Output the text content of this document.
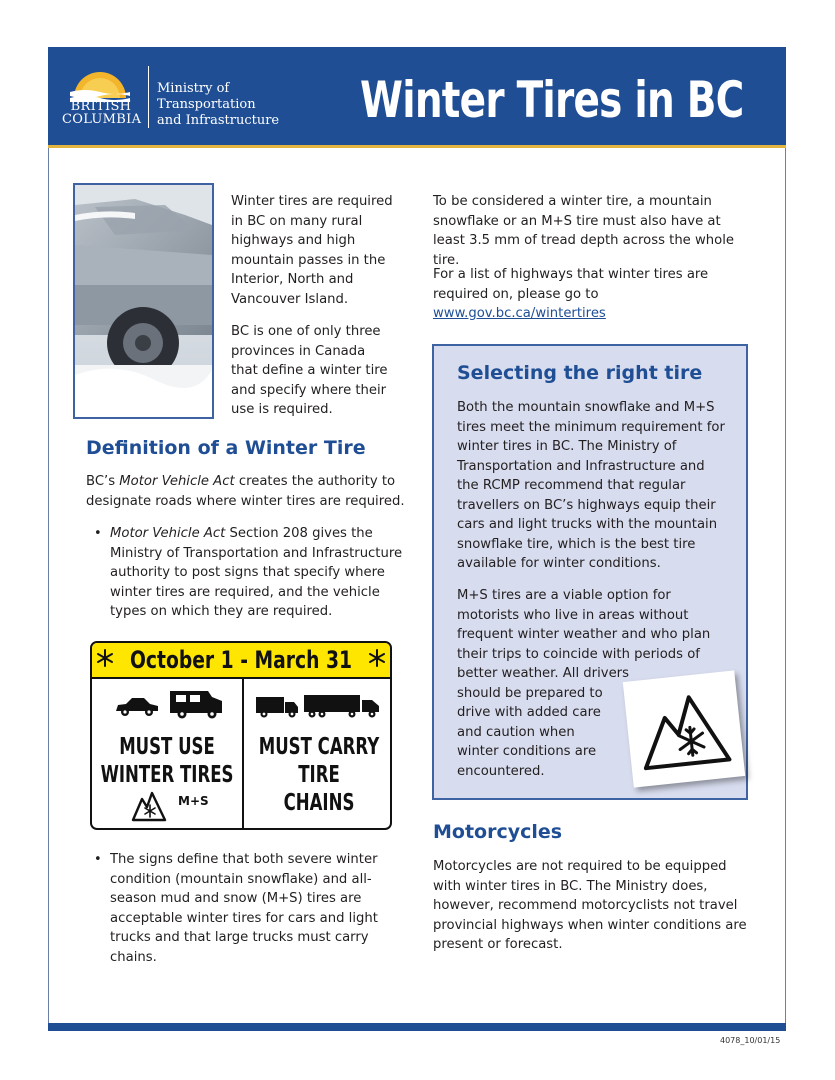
BRITISH
COLUMBIA
Ministry of
Transportation
and Infrastructure Winter Tires in BC

Winter tires are required in BC on many rural highways and high mountain passes in the Interior, North and Vancouver Island.

BC is one of only three provinces in Canada that define a winter tire and specify where their use is required.

Definition of a Winter Tire

BC’s Motor Vehicle Act creates the authority to designate roads where winter tires are required.

• Motor Vehicle Act Section 208 gives the Ministry of Transportation and Infrastructure authority to post signs that specify where winter tires are required, and the vehicle types on which they are required.
October 1 - March 31
MUST USE
WINTER TIRES
MUST CARRY
TIRE
CHAINS
M+S
• The signs define that both severe winter condition (mountain snowflake) and all-season mud and snow (M+S) tires are acceptable winter tires for cars and light trucks and that large trucks must carry chains.

To be considered a winter tire, a mountain snowflake or an M+S tire must also have at least 3.5 mm of tread depth across the whole tire.

For a list of highways that winter tires are required on, please go to www.gov.bc.ca/wintertires

Selecting the right tire

Both the mountain snowflake and M+S tires meet the minimum requirement for winter tires in BC. The Ministry of Transportation and Infrastructure and the RCMP recommend that regular travellers on BC’s highways equip their cars and light trucks with the mountain snowflake tire, which is the best tire available for winter conditions.

M+S tires are a viable option for
motorists who live in areas without
frequent winter weather and who plan
their trips to coincide with periods of
better weather. All drivers
should be prepared to
drive with added care
and caution when
winter conditions are
encountered.
Motorcycles

Motorcycles are not required to be equipped with winter tires in BC. The Ministry does, however, recommend motorcyclists not travel provincial highways when winter conditions are present or forecast.

4078_10/01/15
